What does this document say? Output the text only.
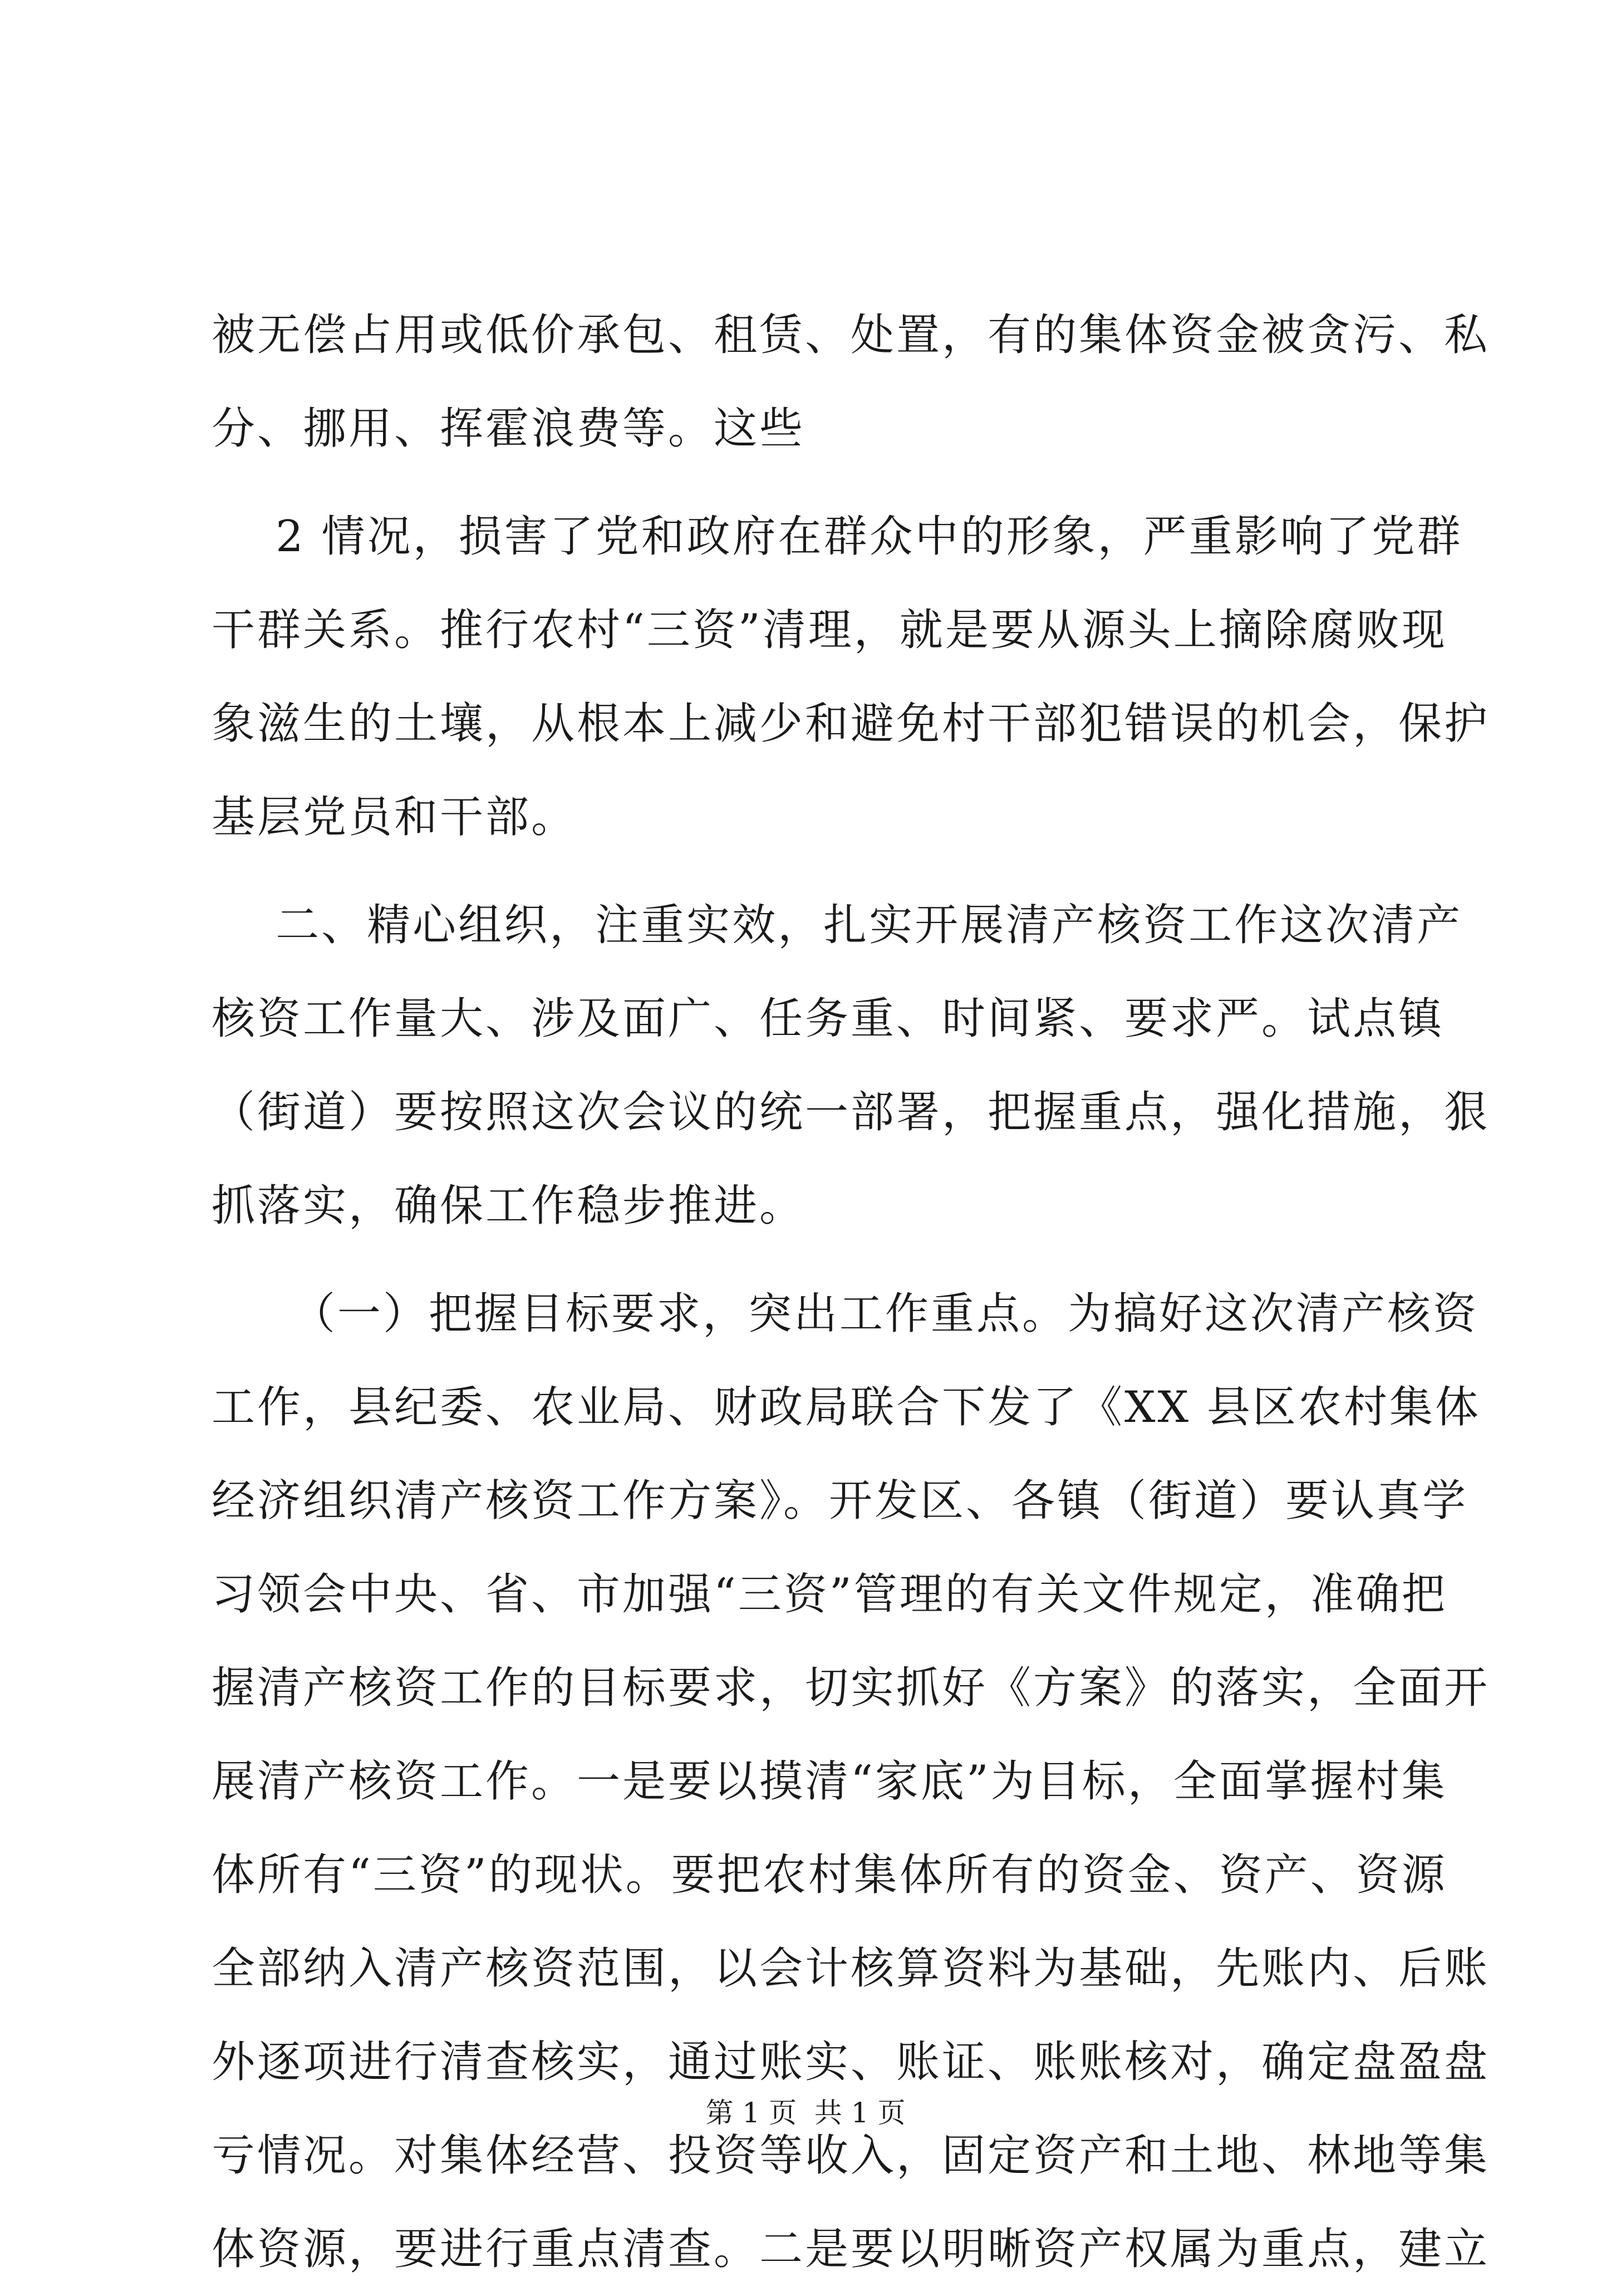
被无偿占用或低价承包、租赁、处置，有的集体资金被贪污、私
分、挪用、挥霍浪费等。这些
2 情况，损害了党和政府在群众中的形象，严重影响了党群
干群关系。推行农村“三资”清理，就是要从源头上摘除腐败现
象滋生的土壤，从根本上减少和避免村干部犯错误的机会，保护
基层党员和干部。
二、精心组织，注重实效，扎实开展清产核资工作这次清产
核资工作量大、涉及面广、任务重、时间紧、要求严。试点镇
（街道）要按照这次会议的统一部署，把握重点，强化措施，狠
抓落实，确保工作稳步推进。
（一）把握目标要求，突出工作重点。为搞好这次清产核资
工作，县纪委、农业局、财政局联合下发了《XX 县区农村集体
经济组织清产核资工作方案》。开发区、各镇（街道）要认真学
习领会中央、省、市加强“三资”管理的有关文件规定，准确把
握清产核资工作的目标要求，切实抓好《方案》的落实，全面开
展清产核资工作。一是要以摸清“家底”为目标，全面掌握村集
体所有“三资”的现状。要把农村集体所有的资金、资产、资源
全部纳入清产核资范围，以会计核算资料为基础，先账内、后账
外逐项进行清查核实，通过账实、账证、账账核对，确定盘盈盘
亏情况。对集体经营、投资等收入，固定资产和土地、林地等集
体资源，要进行重点清查。二是要以明晰资产权属为重点，建立
第 1 页  共 1 页
